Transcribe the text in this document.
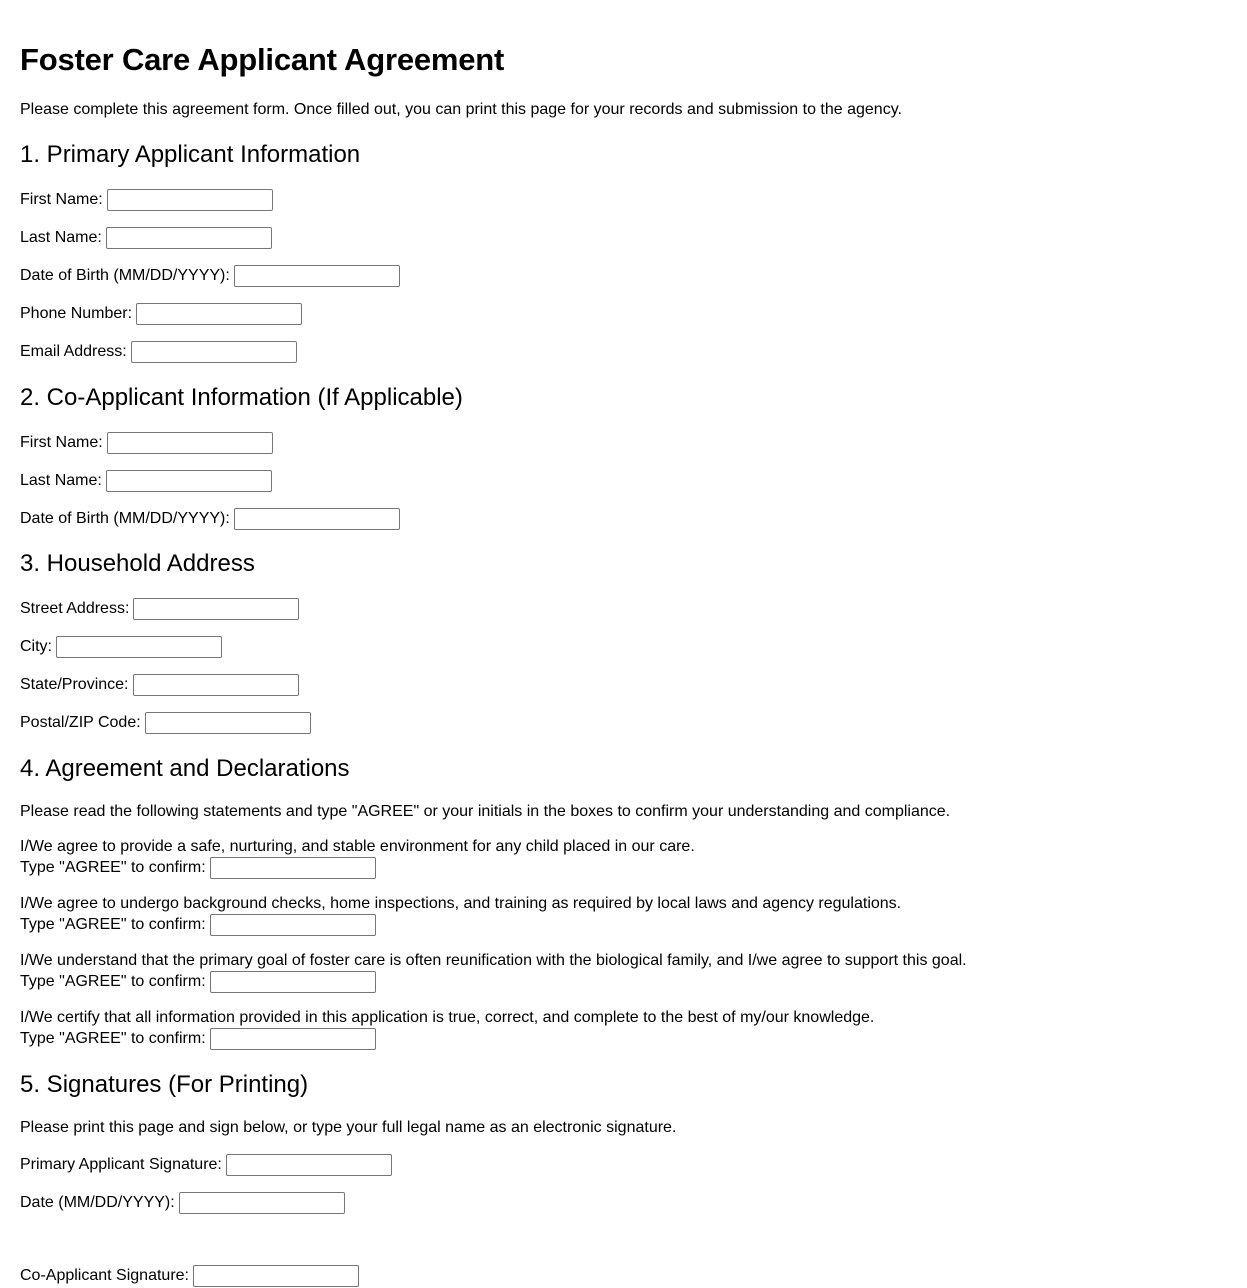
Foster Care Applicant Agreement
Please complete this agreement form. Once filled out, you can print this page for your records and submission to the agency.
1. Primary Applicant Information
First Name:
Last Name:
Date of Birth (MM/DD/YYYY):
Phone Number:
Email Address:
2. Co-Applicant Information (If Applicable)
First Name:
Last Name:
Date of Birth (MM/DD/YYYY):
3. Household Address
Street Address:
City:
State/Province:
Postal/ZIP Code:
4. Agreement and Declarations
Please read the following statements and type "AGREE" or your initials in the boxes to confirm your understanding and compliance.
I/We agree to provide a safe, nurturing, and stable environment for any child placed in our care.
Type "AGREE" to confirm:
I/We agree to undergo background checks, home inspections, and training as required by local laws and agency regulations.
Type "AGREE" to confirm:
I/We understand that the primary goal of foster care is often reunification with the biological family, and I/we agree to support this goal.
Type "AGREE" to confirm:
I/We certify that all information provided in this application is true, correct, and complete to the best of my/our knowledge.
Type "AGREE" to confirm:
5. Signatures (For Printing)
Please print this page and sign below, or type your full legal name as an electronic signature.
Primary Applicant Signature:
Date (MM/DD/YYYY):
Co-Applicant Signature:
